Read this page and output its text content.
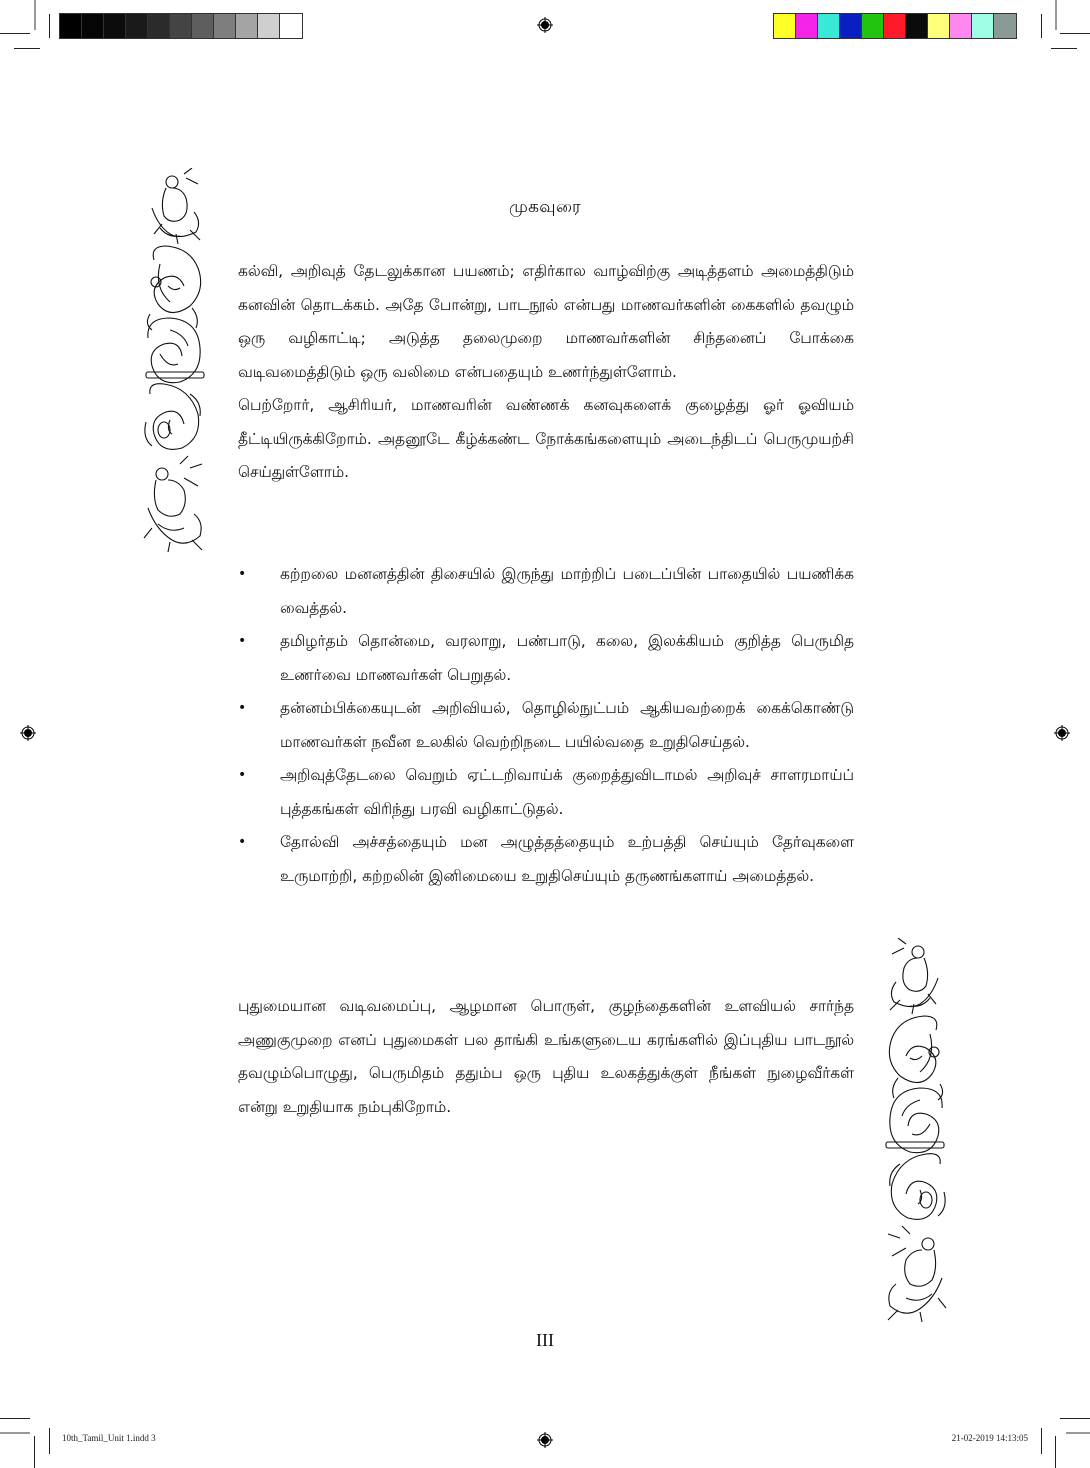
முகவுரை

கல்வி, அறிவுத் தேடலுக்கான பயணம்; எதிர்கால வாழ்விற்கு அடித்தளம் அமைத்திடும் கனவின் தொடக்கம். அதே போன்று, பாடநூல் என்பது மாணவர்களின் கைகளில் தவழும் ஒரு வழிகாட்டி; அடுத்த தலைமுறை மாணவர்களின் சிந்தனைப் போக்கை வடிவமைத்திடும் ஒரு வலிமை என்பதையும் உணர்ந்துள்ளோம்.

பெற்றோர், ஆசிரியர், மாணவரின் வண்ணக் கனவுகளைக் குழைத்து ஓர் ஓவியம் தீட்டியிருக்கிறோம். அதனூடே கீழ்க்கண்ட நோக்கங்களையும் அடைந்திடப் பெருமுயற்சி செய்துள்ளோம்.

• கற்றலை மனனத்தின் திசையில் இருந்து மாற்றிப் படைப்பின் பாதையில் பயணிக்க வைத்தல்.
• தமிழர்தம் தொன்மை, வரலாறு, பண்பாடு, கலை, இலக்கியம் குறித்த பெருமித உணர்வை மாணவர்கள் பெறுதல்.
• தன்னம்பிக்கையுடன் அறிவியல், தொழில்நுட்பம் ஆகியவற்றைக் கைக்கொண்டு மாணவர்கள் நவீன உலகில் வெற்றிநடை பயில்வதை உறுதிசெய்தல்.
• அறிவுத்தேடலை வெறும் ஏட்டறிவாய்க் குறைத்துவிடாமல் அறிவுச் சாளரமாய்ப் புத்தகங்கள் விரிந்து பரவி வழிகாட்டுதல்.
• தோல்வி அச்சத்தையும் மன அழுத்தத்தையும் உற்பத்தி செய்யும் தேர்வுகளை உருமாற்றி, கற்றலின் இனிமையை உறுதிசெய்யும் தருணங்களாய் அமைத்தல்.

புதுமையான வடிவமைப்பு, ஆழமான பொருள், குழந்தைகளின் உளவியல் சார்ந்த அணுகுமுறை எனப் புதுமைகள் பல தாங்கி உங்களுடைய கரங்களில் இப்புதிய பாடநூல் தவழும்பொழுது, பெருமிதம் ததும்ப ஒரு புதிய உலகத்துக்குள் நீங்கள் நுழைவீர்கள் என்று உறுதியாக நம்புகிறோம்.

III
10th_Tamil_Unit 1.indd 3	21-02-2019 14:13:05
